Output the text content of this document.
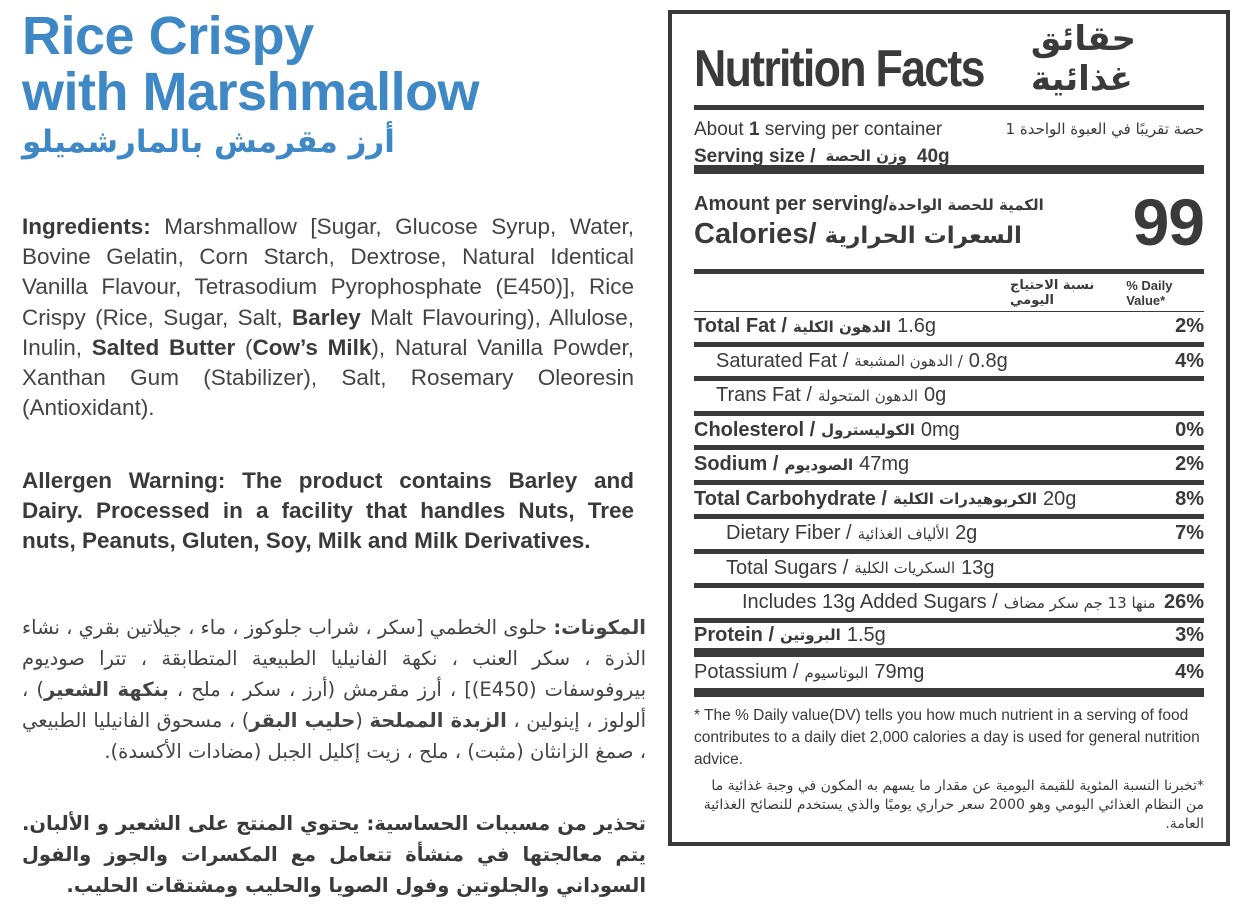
Rice Crispy
with Marshmallow
أرز مقرمش بالمارشميلو
Ingredients: Marshmallow [Sugar, Glucose Syrup, Water, Bovine Gelatin, Corn Starch, Dextrose, Natural Identical Vanilla Flavour, Tetrasodium Pyrophosphate (E450)], Rice Crispy (Rice, Sugar, Salt, Barley Malt Flavouring), Allulose, Inulin, Salted Butter (Cow’s Milk), Natural Vanilla Powder, Xanthan Gum (Stabilizer), Salt, Rosemary Oleoresin (Antioxidant).
Allergen Warning: The product contains Barley and Dairy. Processed in a facility that handles Nuts, Tree nuts, Peanuts, Gluten, Soy, Milk and Milk Derivatives.
المكونات: حلوى الخطمي [سكر ، شراب جلوكوز ، ماء ، جيلاتين بقري ، نشاء الذرة ، سكر العنب ، نكهة الفانيليا الطبيعية المتطابقة ، تترا صوديوم بيروفوسفات (E450)] ، أرز مقرمش (أرز ، سكر ، ملح ، بنكهة الشعير) ، ألولوز ، إينولين ، الزبدة المملحة (حليب البقر) ، مسحوق الفانيليا الطبيعي ، صمغ الزانثان (مثبت) ، ملح ، زيت إكليل الجبل (مضادات الأكسدة).
تحذير من مسببات الحساسية: يحتوي المنتج على الشعير و الألبان. يتم معالجتها في منشأة تتعامل مع المكسرات والجوز والفول السوداني والجلوتين وفول الصويا والحليب ومشتقات الحليب.
Nutrition Facts
حقائق غذائية
About 1 serving per container	1 حصة تقريبًا في العبوة الواحدة
Serving size / وزن الحصة 40g
Amount per serving/الكمية للحصة الواحدة
Calories/ السعرات الحرارية	99
نسبة الاحتياج اليومي
% Daily Value*
Total Fat / الدهون الكلية 1.6g	2%
Saturated Fat / الدهون المشبعة / 0.8g	4%
Trans Fat / الدهون المتحولة 0g
Cholesterol / الكوليسترول 0mg	0%
Sodium / الصوديوم 47mg	2%
Total Carbohydrate / الكربوهيدرات الكلية 20g	8%
Dietary Fiber / الألياف الغذائية 2g	7%
Total Sugars / السكريات الكلية 13g
Includes 13g Added Sugars / منها 13 جم سكر مضاف 26%
Protein / البروتين 1.5g	3%
Potassium / البوتاسيوم 79mg	4%
* The % Daily value(DV) tells you how much nutrient in a serving of food contributes to a daily diet 2,000 calories a day is used for general nutrition advice.
*تخبرنا النسبة المئوية للقيمة اليومية عن مقدار ما يسهم به المكون في وجبة غذائية ما من النظام الغذائي اليومي وهو 2000 سعر حراري يوميًا والذي يستخدم للنصائح الغذائية العامة.
